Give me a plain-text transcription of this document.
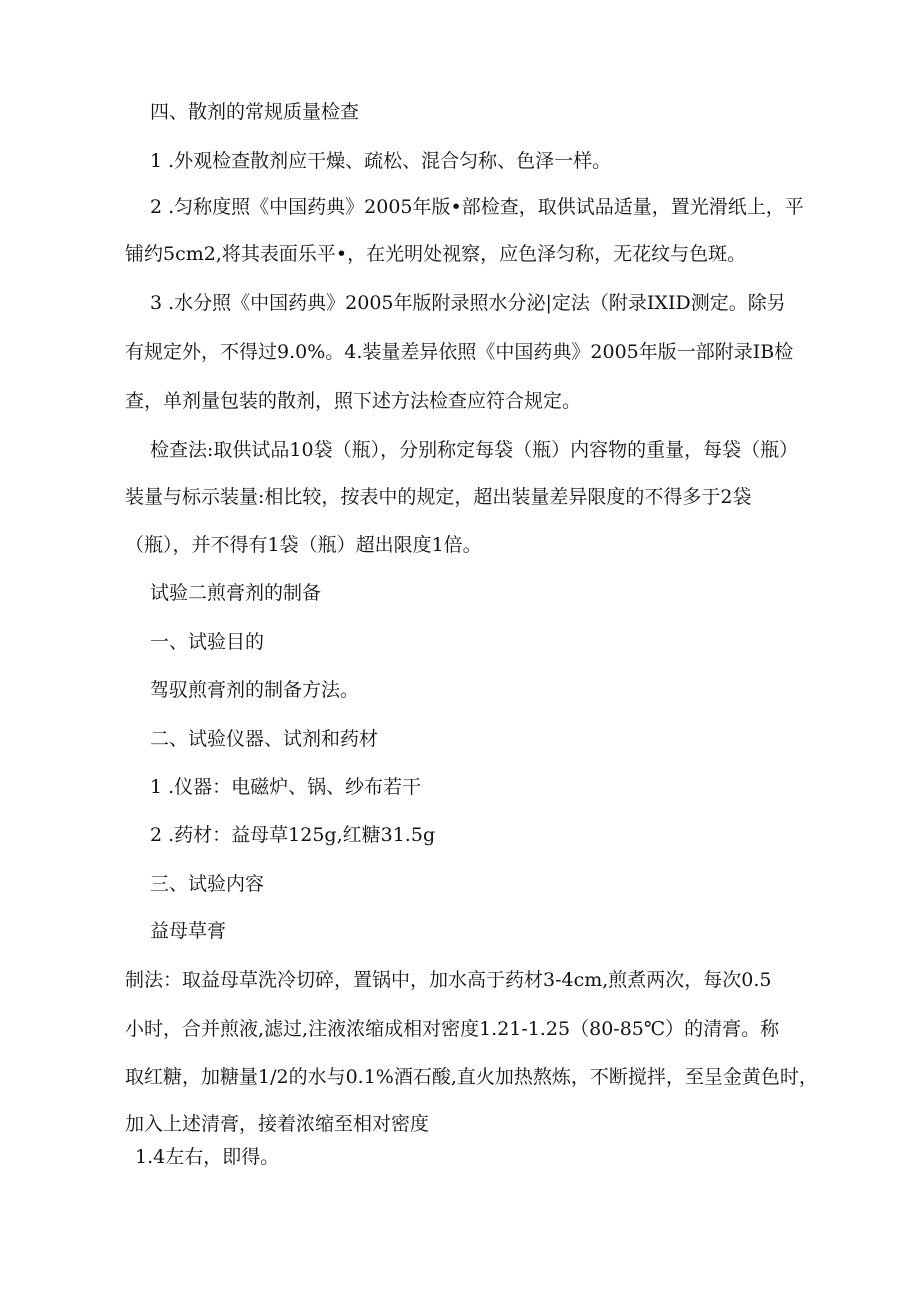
四、散剂的常规质量检查
1 .外观检查散剂应干燥、疏松、混合匀称、色泽一样。
2 .匀称度照《中国药典》2005年版•部检查，取供试品适量，置光滑纸上，平
铺约5cm2,将其表面乐平•，在光明处视察，应色泽匀称，无花纹与色斑。
3 .水分照《中国药典》2005年版附录照水分泌|定法（附录IXID测定。除另
有规定外，不得过9.0%。4.装量差异依照《中国药典》2005年版一部附录IB检
查，单剂量包装的散剂，照下述方法检查应符合规定。
检查法:取供试品10袋（瓶），分别称定每袋（瓶）内容物的重量，每袋（瓶）
装量与标示装量:相比较，按表中的规定，超出装量差异限度的不得多于2袋
（瓶），并不得有1袋（瓶）超出限度1倍。
试验二煎膏剂的制备
一、试验目的
驾驭煎膏剂的制备方法。
二、试验仪器、试剂和药材
1 .仪器：电磁炉、锅、纱布若干
2 .药材：益母草125g,红糖31.5g
三、试验内容
益母草膏
制法：取益母草洗冷切碎，置锅中，加水高于药材3-4cm,煎煮两次，每次0.5
小时，合并煎液,滤过,注液浓缩成相对密度1.21-1.25（80-85℃）的清膏。称
取红糖，加糖量1/2的水与0.1%酒石酸,直火加热熬炼，不断搅拌，至呈金黄色时，
加入上述清膏，接着浓缩至相对密度
1.4左右，即得。
